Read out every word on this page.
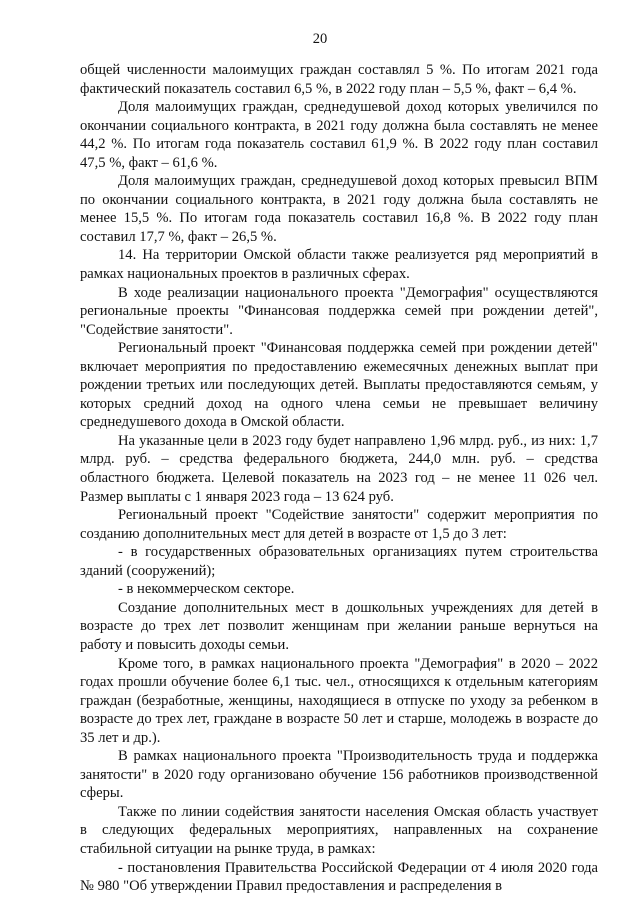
20

общей численности малоимущих граждан составлял 5 %. По итогам 2021 года фактический показатель составил 6,5 %, в 2022 году план – 5,5 %, факт – 6,4 %.

Доля малоимущих граждан, среднедушевой доход которых увеличился по окончании социального контракта, в 2021 году должна была составлять не менее 44,2 %. По итогам года показатель составил 61,9 %. В 2022 году план составил 47,5 %, факт – 61,6 %.

Доля малоимущих граждан, среднедушевой доход которых превысил ВПМ по окончании социального контракта, в 2021 году должна была составлять не менее 15,5 %. По итогам года показатель составил 16,8 %. В 2022 году план составил 17,7 %, факт – 26,5 %.

14. На территории Омской области также реализуется ряд мероприятий в рамках национальных проектов в различных сферах.

В ходе реализации национального проекта "Демография" осуществляются региональные проекты "Финансовая поддержка семей при рождении детей", "Содействие занятости".

Региональный проект "Финансовая поддержка семей при рождении детей" включает мероприятия по предоставлению ежемесячных денежных выплат при рождении третьих или последующих детей. Выплаты предоставляются семьям, у которых средний доход на одного члена семьи не превышает величину среднедушевого дохода в Омской области.

На указанные цели в 2023 году будет направлено 1,96 млрд. руб., из них: 1,7 млрд. руб. – средства федерального бюджета, 244,0 млн. руб. – средства областного бюджета. Целевой показатель на 2023 год – не менее 11 026 чел. Размер выплаты с 1 января 2023 года – 13 624 руб.

Региональный проект "Содействие занятости" содержит мероприятия по созданию дополнительных мест для детей в возрасте от 1,5 до 3 лет:

- в государственных образовательных организациях путем строительства зданий (сооружений);

- в некоммерческом секторе.

Создание дополнительных мест в дошкольных учреждениях для детей в возрасте до трех лет позволит женщинам при желании раньше вернуться на работу и повысить доходы семьи.

Кроме того, в рамках национального проекта "Демография" в 2020 – 2022 годах прошли обучение более 6,1 тыс. чел., относящихся к отдельным категориям граждан (безработные, женщины, находящиеся в отпуске по уходу за ребенком в возрасте до трех лет, граждане в возрасте 50 лет и старше, молодежь в возрасте до 35 лет и др.).

В рамках национального проекта "Производительность труда и поддержка занятости" в 2020 году организовано обучение 156 работников производственной сферы.

Также по линии содействия занятости населения Омская область участвует в следующих федеральных мероприятиях, направленных на сохранение стабильной ситуации на рынке труда, в рамках:

- постановления Правительства Российской Федерации от 4 июля 2020 года № 980 "Об утверждении Правил предоставления и распределения в
